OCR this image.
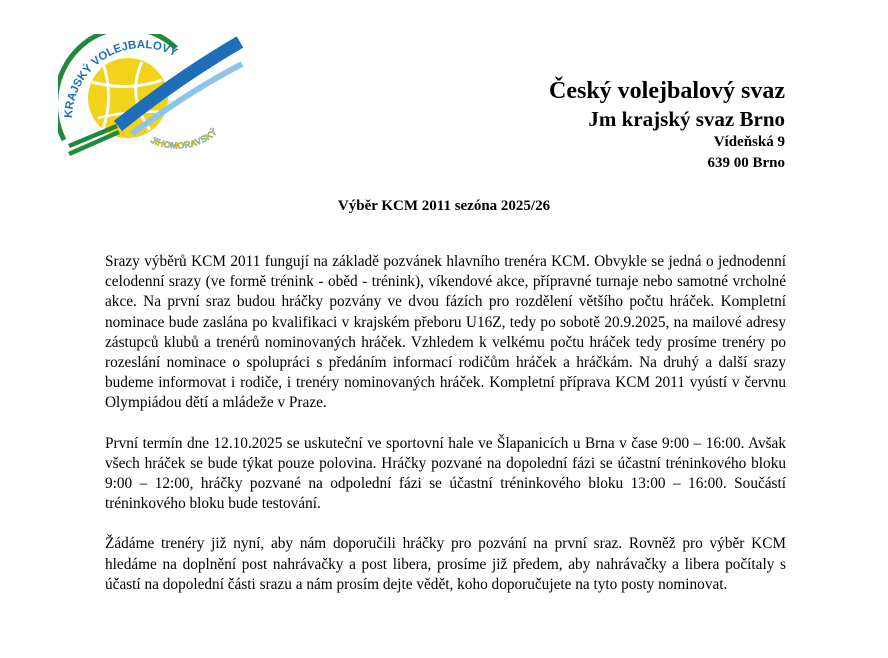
KRAJSKÝ VOLEJBALOVÝ
JIHOMORAVSKÝ
Český volejbalový svaz
Jm krajský svaz Brno
Vídeňská 9
639 00 Brno
Výběr KCM 2011 sezóna 2025/26

Srazy výběrů KCM 2011 fungují na základě pozvánek hlavního trenéra KCM. Obvykle se jedná o jednodenní celodenní srazy (ve formě trénink - oběd - trénink), víkendové akce, přípravné turnaje nebo samotné vrcholné akce. Na první sraz budou hráčky pozvány ve dvou fázích pro rozdělení většího počtu hráček. Kompletní nominace bude zaslána po kvalifikaci v krajském přeboru U16Z, tedy po sobotě 20.9.2025, na mailové adresy zástupců klubů a trenérů nominovaných hráček. Vzhledem k velkému počtu hráček tedy prosíme trenéry po rozeslání nominace o spolupráci s předáním informací rodičům hráček a hráčkám. Na druhý a další srazy budeme informovat i rodiče, i trenéry nominovaných hráček. Kompletní příprava KCM 2011 vyústí v červnu Olympiádou dětí a mládeže v Praze.

První termín dne 12.10.2025 se uskuteční ve sportovní hale ve Šlapanicích u Brna v čase 9:00 – 16:00. Avšak všech hráček se bude týkat pouze polovina. Hráčky pozvané na dopolední fázi se účastní tréninkového bloku 9:00 – 12:00, hráčky pozvané na odpolední fázi se účastní tréninkového bloku 13:00 – 16:00. Součástí tréninkového bloku bude testování.

Žádáme trenéry již nyní, aby nám doporučili hráčky pro pozvání na první sraz. Rovněž pro výběr KCM hledáme na doplnění post nahrávačky a post libera, prosíme již předem, aby nahrávačky a libera počítaly s účastí na dopolední části srazu a nám prosím dejte vědět, koho doporučujete na tyto posty nominovat.
